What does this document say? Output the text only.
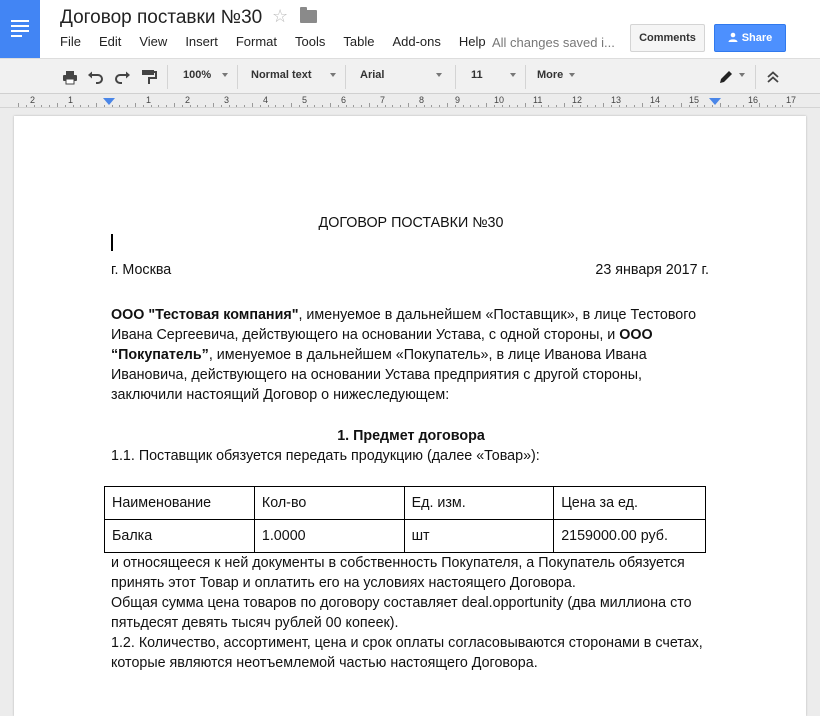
Договор поставки №30 ☆
File Edit View Insert Format Tools Table Add-ons Help All changes saved i...	Comments	Share
100%	Normal text	Arial	11	More
2	1	1	2	3	4	5	6	7	8	9	10	11	12	13	14	15	16	17
ДОГОВОР ПОСТАВКИ №30
г. Москва	23 января 2017 г.
ООО "Тестовая компания", именуемое в дальнейшем «Поставщик», в лице Тестового Ивана Сергеевича, действующего на основании Устава, с одной стороны, и ООО “Покупатель”, именуемое в дальнейшем «Покупатель», в лице Иванова Ивана Ивановича, действующего на основании Устава предприятия с другой стороны, заключили настоящий Договор о нижеследующем:
1. Предмет договора
1.1. Поставщик обязуется передать продукцию (далее «Товар»):
Наименование	Кол-во	Ед. изм.	Цена за ед.
Балка	1.0000	шт	2159000.00 руб.
и относящееся к ней документы в собственность Покупателя, а Покупатель обязуется принять этот Товар и оплатить его на условиях настоящего Договора.
Общая сумма цена товаров по договору составляет deal.opportunity (два миллиона сто пятьдесят девять тысяч рублей 00 копеек).
1.2. Количество, ассортимент, цена и срок оплаты согласовываются сторонами в счетах, которые являются неотъемлемой частью настоящего Договора.
